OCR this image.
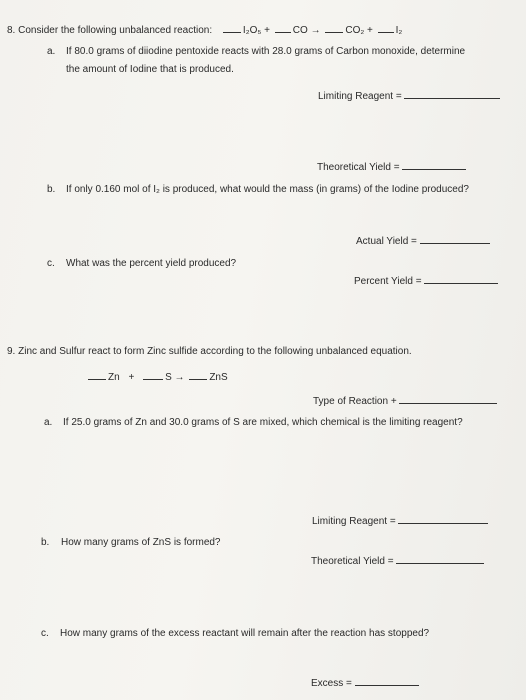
8. Consider the following unbalanced reaction:	I₂O₅ + CO → CO₂ + I₂
a. If 80.0 grams of diiodine pentoxide reacts with 28.0 grams of Carbon monoxide, determine
the amount of Iodine that is produced.
Limiting Reagent =
Theoretical Yield =
b. If only 0.160 mol of I₂ is produced, what would the mass (in grams) of the Iodine produced?
Actual Yield =
c. What was the percent yield produced?
Percent Yield =
9. Zinc and Sulfur react to form Zinc sulfide according to the following unbalanced equation.
Zn +	S → ZnS
Type of Reaction +
a. If 25.0 grams of Zn and 30.0 grams of S are mixed, which chemical is the limiting reagent?
Limiting Reagent =
b. How many grams of ZnS is formed?
Theoretical Yield =
c. How many grams of the excess reactant will remain after the reaction has stopped?
Excess =
